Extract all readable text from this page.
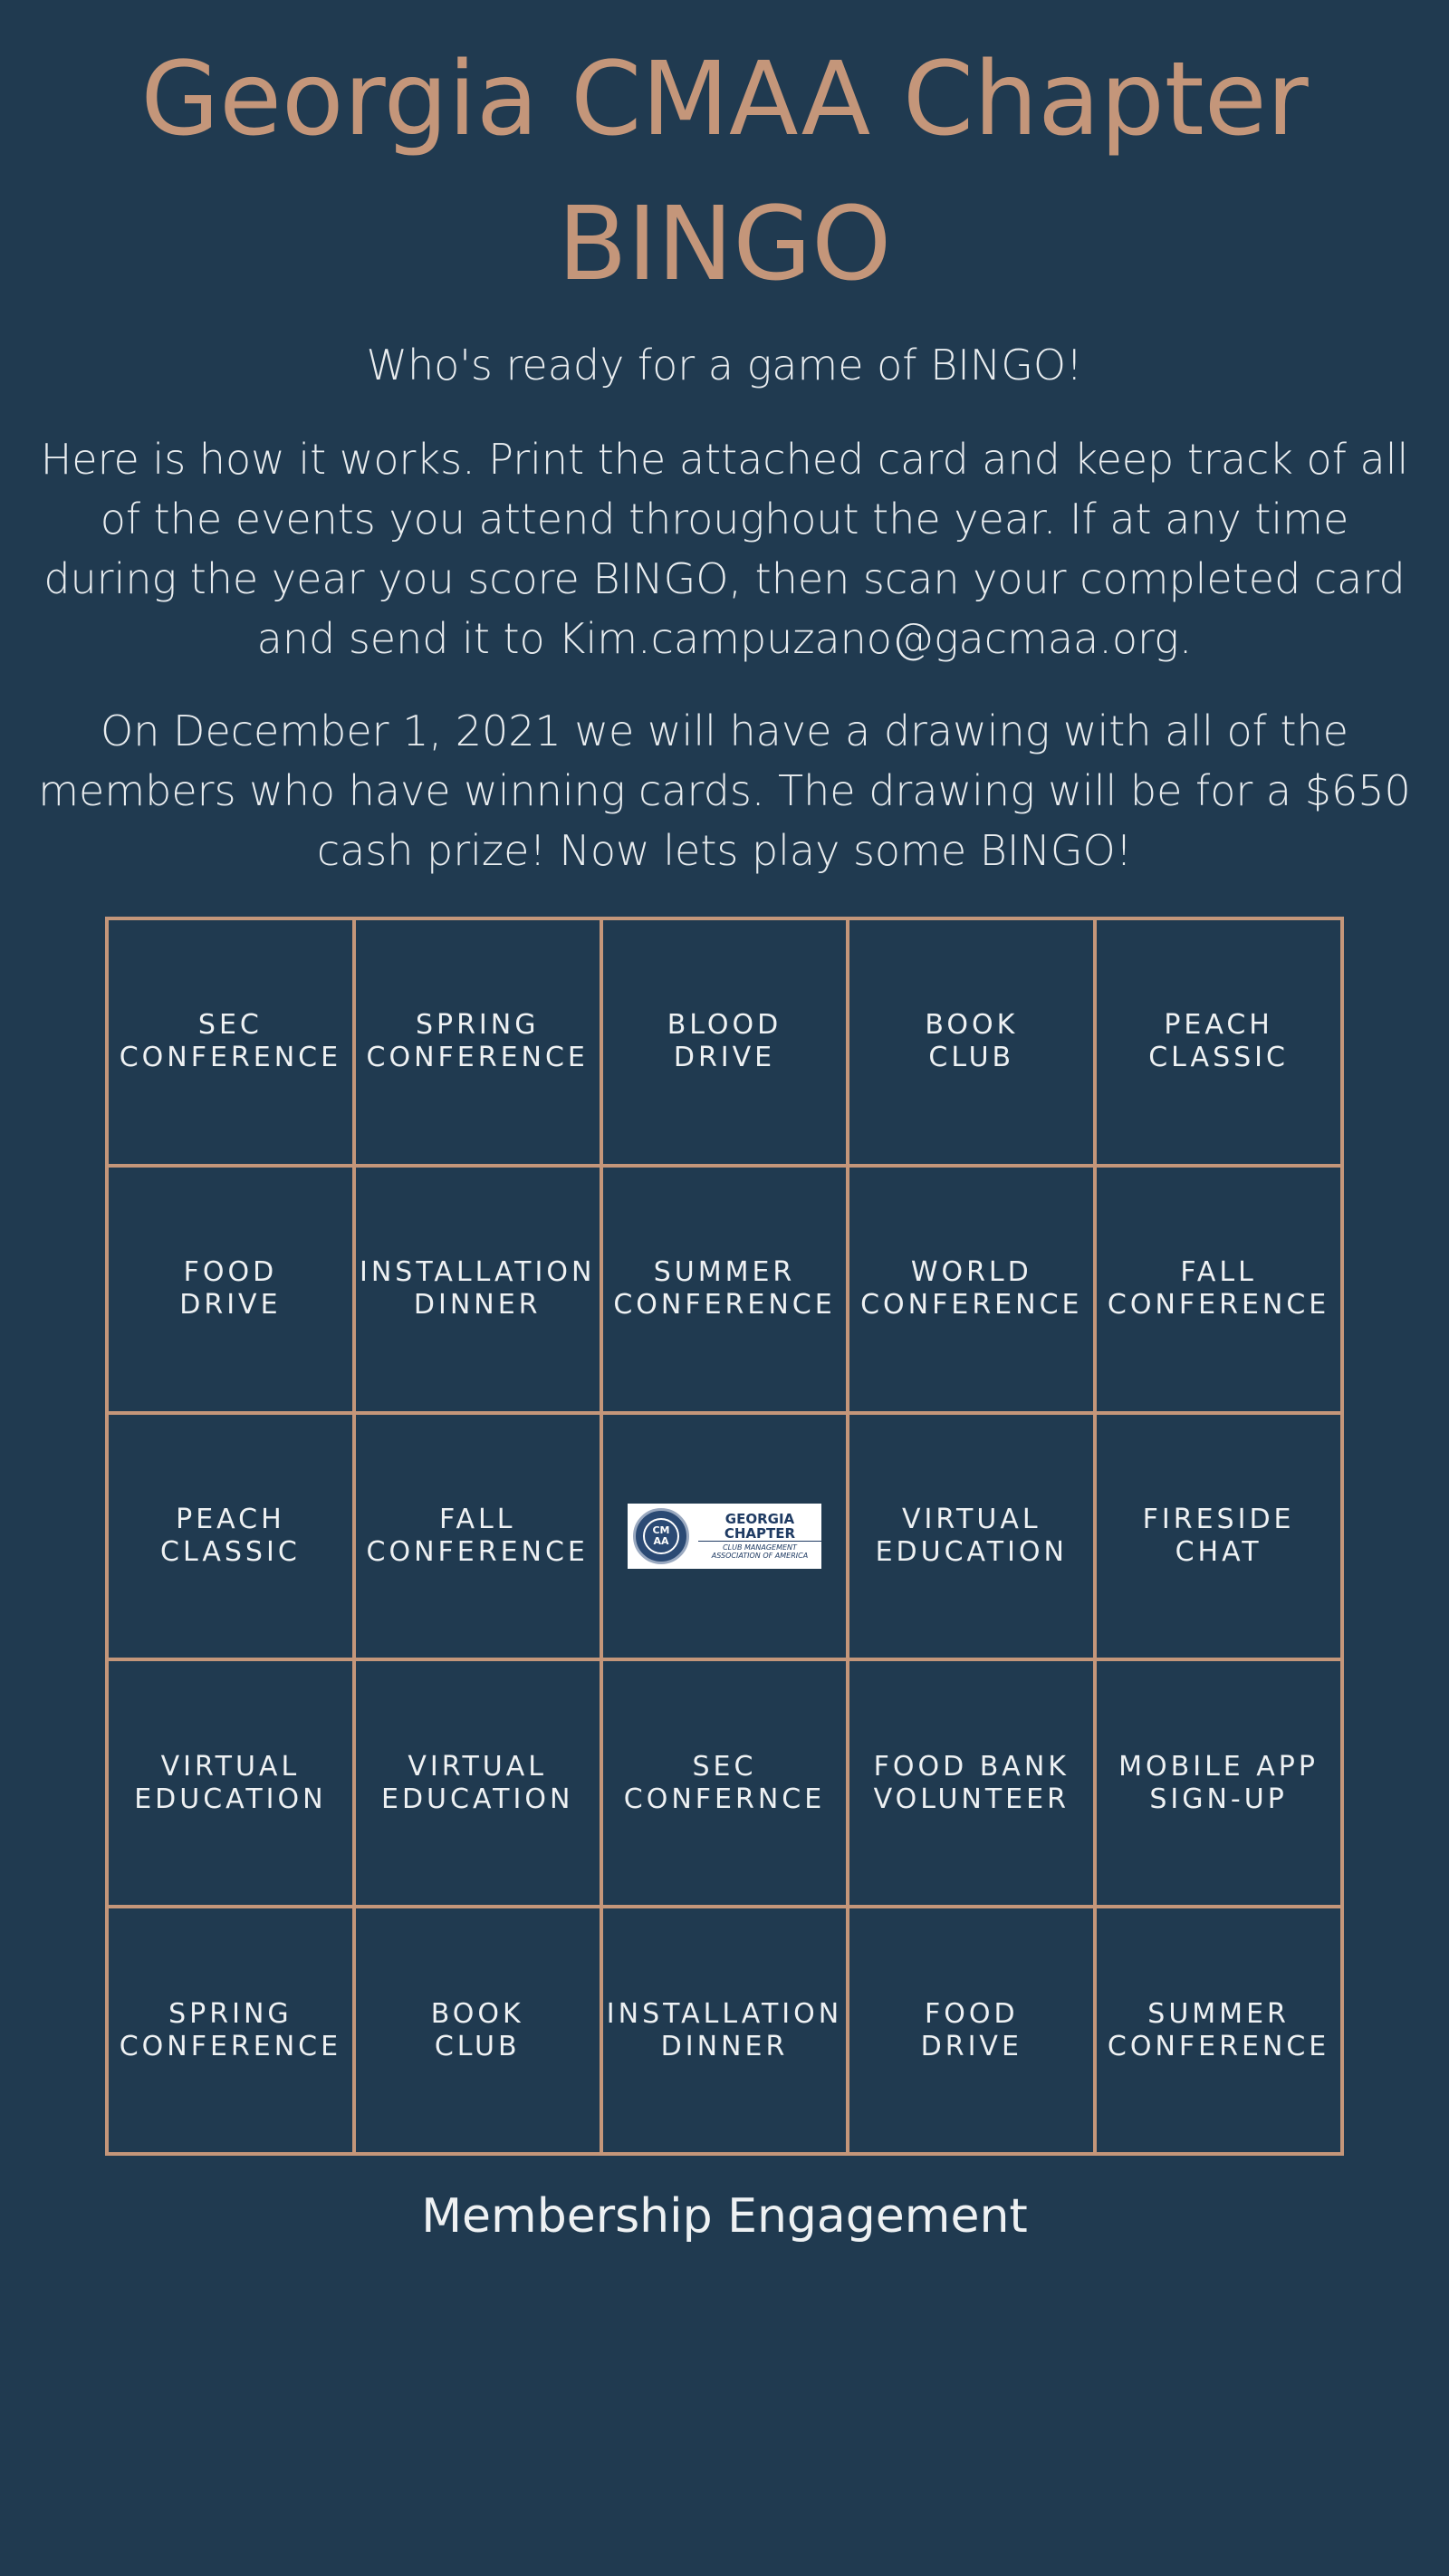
Georgia CMAA Chapter BINGO

Who's ready for a game of BINGO!

Here is how it works. Print the attached card and keep track of all of the events you attend throughout the year. If at any time during the year you score BINGO, then scan your completed card and send it to Kim.campuzano@gacmaa.org.

On December 1, 2021 we will have a drawing with all of the members who have winning cards. The drawing will be for a $650 cash prize! Now lets play some BINGO!

SEC
CONFERENCE
SPRING
CONFERENCE
BLOOD
DRIVE
BOOK
CLUB
PEACH
CLASSIC
FOOD
DRIVE
INSTALLATION
DINNER
SUMMER
CONFERENCE
WORLD
CONFERENCE
FALL
CONFERENCE
PEACH
CLASSIC
FALL
CONFERENCE
CM
AA
GEORGIA
CHAPTER
CLUB MANAGEMENT ASSOCIATION OF AMERICA
VIRTUAL
EDUCATION
FIRESIDE
CHAT
VIRTUAL
EDUCATION
VIRTUAL
EDUCATION
SEC
CONFERNCE
FOOD BANK
VOLUNTEER
MOBILE APP
SIGN-UP
SPRING
CONFERENCE
BOOK
CLUB
INSTALLATION
DINNER
FOOD
DRIVE
SUMMER
CONFERENCE

Membership Engagement
